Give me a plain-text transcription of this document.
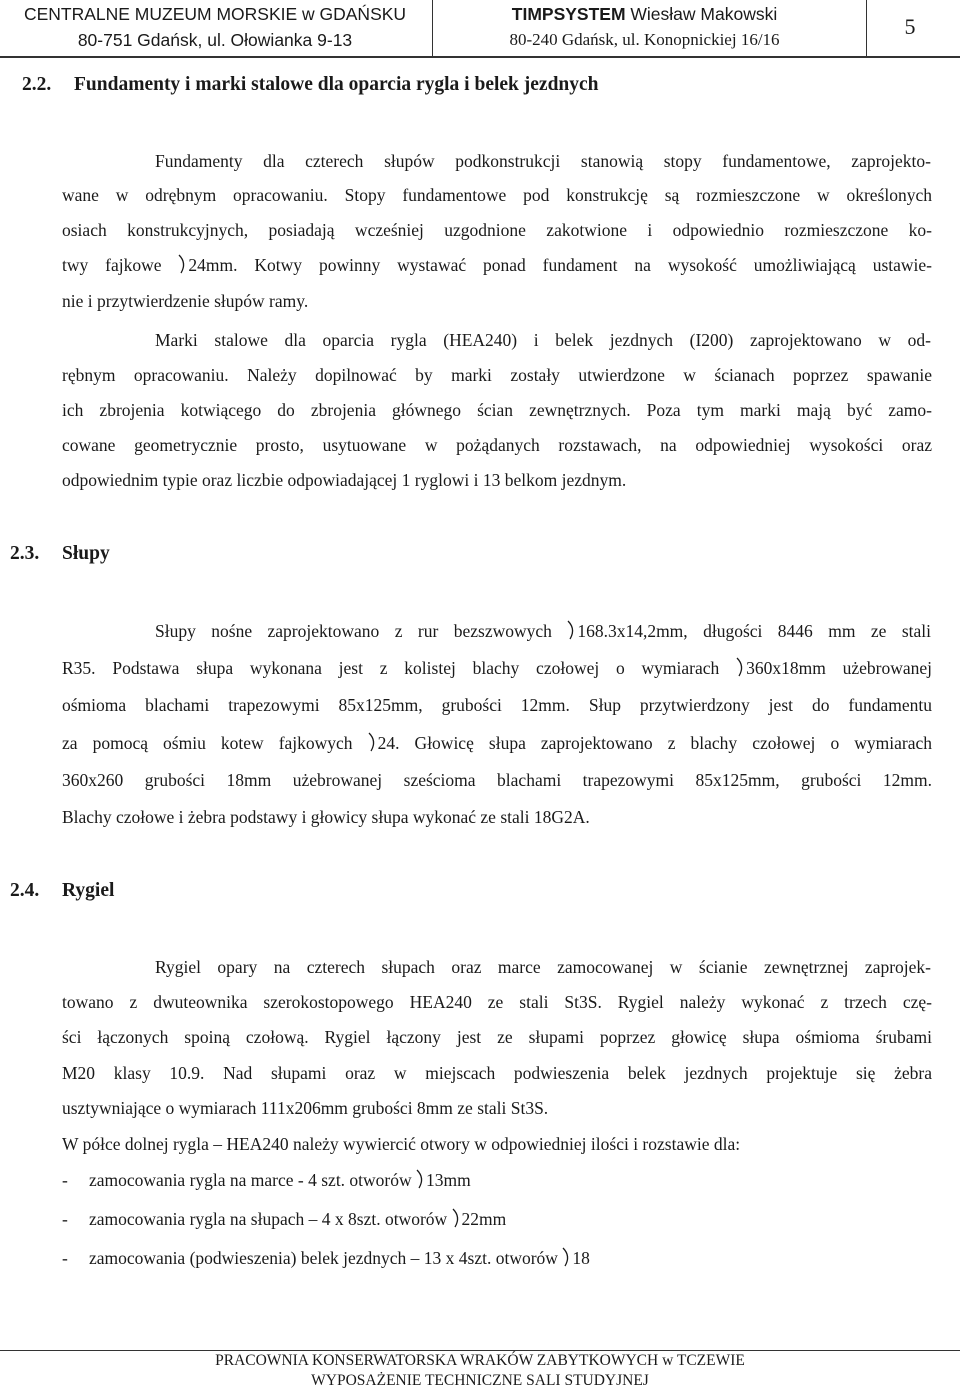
CENTRALNE MUZEUM MORSKIE w GDAŃSKU
80-751 Gdańsk, ul. Ołowianka 9-13
TIMPSYSTEM Wiesław Makowski
80-240 Gdańsk, ul. Konopnickiej 16/16
5
2.2. Fundamenty i marki stalowe dla oparcia rygla i belek jezdnych
Fundamenty dla czterech słupów podkonstrukcji stanowią stopy fundamentowe, zaprojekto-
wane w odrębnym opracowaniu. Stopy fundamentowe pod konstrukcję są rozmieszczone w określonych
osiach konstrukcyjnych, posiadają wcześniej uzgodnione zakotwione i odpowiednio rozmieszczone ko-
twy fajkowe 24mm. Kotwy powinny wystawać ponad fundament na wysokość umożliwiającą ustawie-
nie i przytwierdzenie słupów ramy.
Marki stalowe dla oparcia rygla (HEA240) i belek jezdnych (I200) zaprojektowano w od-
rębnym opracowaniu. Należy dopilnować by marki zostały utwierdzone w ścianach poprzez spawanie
ich zbrojenia kotwiącego do zbrojenia głównego ścian zewnętrznych. Poza tym marki mają być zamo-
cowane geometrycznie prosto, usytuowane w pożądanych rozstawach, na odpowiedniej wysokości oraz
odpowiednim typie oraz liczbie odpowiadającej 1 ryglowi i 13 belkom jezdnym.
2.3. Słupy
Słupy nośne zaprojektowano z rur bezszwowych 168.3x14,2mm, długości 8446 mm ze stali
R35. Podstawa słupa wykonana jest z kolistej blachy czołowej o wymiarach 360x18mm użebrowanej
ośmioma blachami trapezowymi 85x125mm, grubości 12mm. Słup przytwierdzony jest do fundamentu
za pomocą ośmiu kotew fajkowych 24. Głowicę słupa zaprojektowano z blachy czołowej o wymiarach
360x260 grubości 18mm użebrowanej sześcioma blachami trapezowymi 85x125mm, grubości 12mm.
Blachy czołowe i żebra podstawy i głowicy słupa wykonać ze stali 18G2A.
2.4. Rygiel
Rygiel opary na czterech słupach oraz marce zamocowanej w ścianie zewnętrznej zaprojek-
towano z dwuteownika szerokostopowego HEA240 ze stali St3S. Rygiel należy wykonać z trzech czę-
ści łączonych spoiną czołową. Rygiel łączony jest ze słupami poprzez głowicę słupa ośmioma śrubami
M20 klasy 10.9. Nad słupami oraz w miejscach podwieszenia belek jezdnych projektuje się żebra
usztywniające o wymiarach 111x206mm grubości 8mm ze stali St3S.
W półce dolnej rygla – HEA240 należy wywiercić otwory w odpowiedniej ilości i rozstawie dla:
- zamocowania rygla na marce - 4 szt. otworów 13mm
- zamocowania rygla na słupach – 4 x 8szt. otworów 22mm
- zamocowania (podwieszenia) belek jezdnych – 13 x 4szt. otworów 18
PRACOWNIA KONSERWATORSKA WRAKÓW ZABYTKOWYCH w TCZEWIE
WYPOSAŻENIE TECHNICZNE SALI STUDYJNEJ
